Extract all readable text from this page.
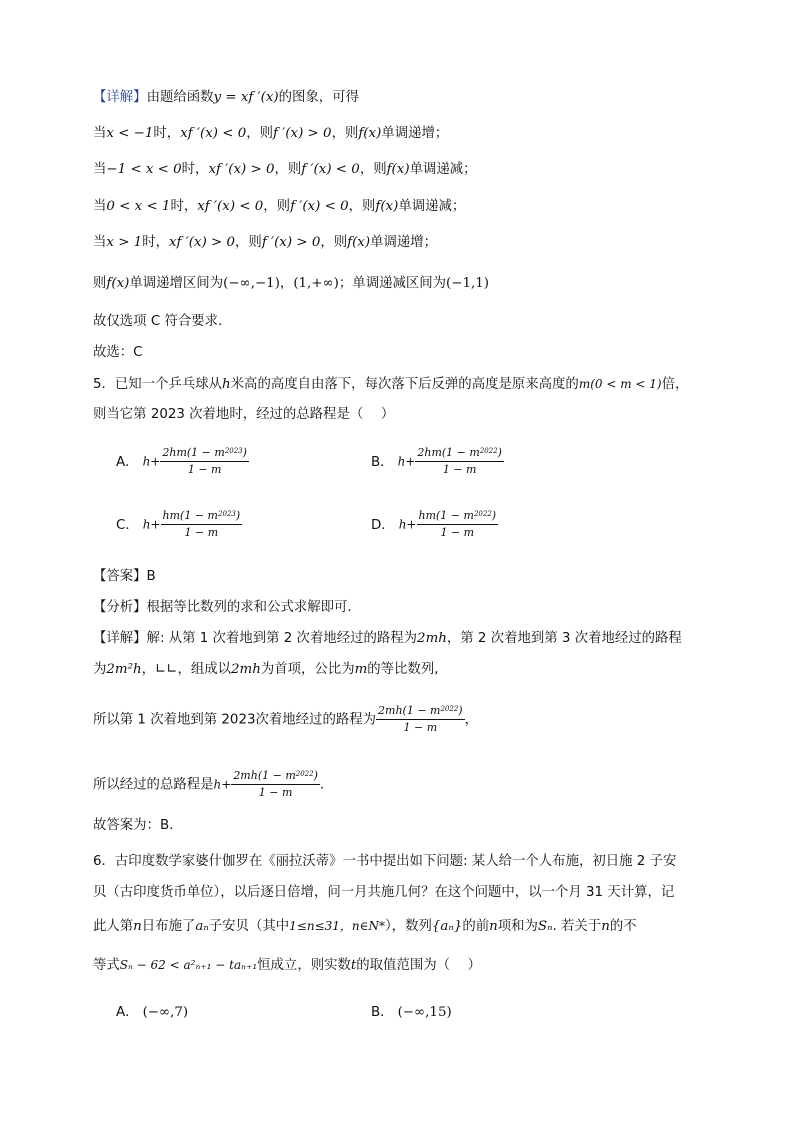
【详解】由题给函数y = xf ′(x)的图象，可得
当x < −1时，xf ′(x) < 0，则f ′(x) > 0，则f(x)单调递增；
当−1 < x < 0时，xf ′(x) > 0，则f ′(x) < 0，则f(x)单调递减；
当0 < x < 1时，xf ′(x) < 0，则f ′(x) < 0，则f(x)单调递减；
当x > 1时，xf ′(x) > 0，则f ′(x) > 0，则f(x)单调递增；
则f(x)单调递增区间为(−∞,−1)，(1,+∞)；单调递减区间为(−1,1)
故仅选项 C 符合要求.
故选：C
5．已知一个乒乓球从h米高的高度自由落下，每次落下后反弹的高度是原来高度的m(0 < m < 1)倍，
则当它第 2023 次着地时，经过的总路程是（　 ）
A． $h+ \frac{2hm(1 - m^{2023})}{1 - m}$	B． $h+ \frac{2hm(1 - m^{2022})}{1 - m}$
C． $h+ \frac{hm(1 - m^{2023})}{1 - m}$	D． $h+ \frac{hm(1 - m^{2022})}{1 - m}$
【答案】B
【分析】根据等比数列的求和公式求解即可.
【详解】解: 从第 1 次着地到第 2 次着地经过的路程为2mh，第 2 次着地到第 3 次着地经过的路程
为2m²h，∟∟，组成以2mh为首项，公比为m的等比数列,
所以第 1 次着地到第 2023次着地经过的路程为 $\frac{2mh(1 - m^{2022})}{1 - m}$ ，
所以经过的总路程是$h+ \frac{2mh(1 - m^{2022})}{1 - m}$ .
故答案为：B.
6．古印度数学家婆什伽罗在《丽拉沃蒂》一书中提出如下问题: 某人给一个人布施，初日施 2 子安
贝（古印度货币单位），以后逐日倍增，问一月共施几何？在这个问题中，以一个月 31 天计算，记
此人第n日布施了aₙ子安贝（其中1≤n≤31，n∈N*），数列{aₙ}的前n项和为Sₙ. 若关于n的不
等式Sₙ − 62 < a²ₙ₊₁ − taₙ₊₁恒成立，则实数t的取值范围为（　 ）
A． (−∞,7)	B． (−∞,15)
